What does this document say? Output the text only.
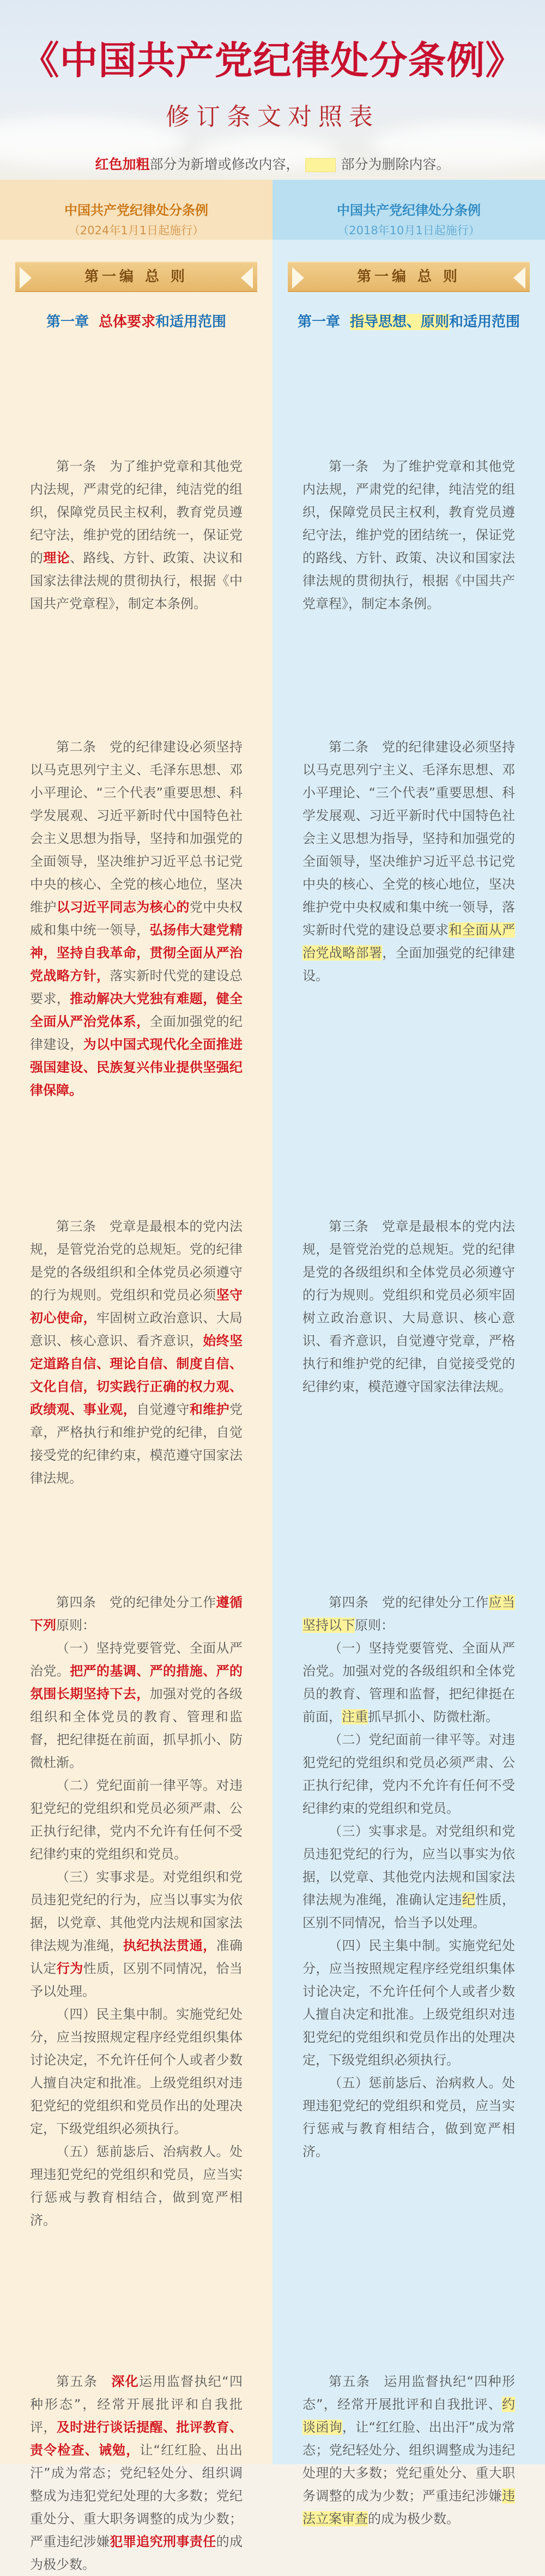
《中国共产党纪律处分条例》
修订条文对照表
红色加粗部分为新增或修改内容，	部分为删除内容。
中国共产党纪律处分条例
（2024年1月1日起施行）
第一编 总 则
第一章 总体要求和适用范围

第一条　为了维护党章和其他党内法规，严肃党的纪律，纯洁党的组织，保障党员民主权利，教育党员遵纪守法，维护党的团结统一，保证党的理论、路线、方针、政策、决议和国家法律法规的贯彻执行，根据《中国共产党章程》，制定本条例。

第二条　党的纪律建设必须坚持以马克思列宁主义、毛泽东思想、邓小平理论、“三个代表”重要思想、科学发展观、习近平新时代中国特色社会主义思想为指导，坚持和加强党的全面领导，坚决维护习近平总书记党中央的核心、全党的核心地位，坚决维护以习近平同志为核心的党中央权威和集中统一领导，弘扬伟大建党精神，坚持自我革命，贯彻全面从严治党战略方针，落实新时代党的建设总要求，推动解决大党独有难题，健全全面从严治党体系，全面加强党的纪律建设，为以中国式现代化全面推进强国建设、民族复兴伟业提供坚强纪律保障。

第三条　党章是最根本的党内法规，是管党治党的总规矩。党的纪律是党的各级组织和全体党员必须遵守的行为规则。党组织和党员必须坚守初心使命，牢固树立政治意识、大局意识、核心意识、看齐意识，始终坚定道路自信、理论自信、制度自信、文化自信，切实践行正确的权力观、政绩观、事业观，自觉遵守和维护党章，严格执行和维护党的纪律，自觉接受党的纪律约束，模范遵守国家法律法规。

第四条　党的纪律处分工作遵循下列原则：

（一）坚持党要管党、全面从严治党。把严的基调、严的措施、严的氛围长期坚持下去，加强对党的各级组织和全体党员的教育、管理和监督，把纪律挺在前面，抓早抓小、防微杜渐。

（二）党纪面前一律平等。对违犯党纪的党组织和党员必须严肃、公正执行纪律，党内不允许有任何不受纪律约束的党组织和党员。

（三）实事求是。对党组织和党员违犯党纪的行为，应当以事实为依据，以党章、其他党内法规和国家法律法规为准绳，执纪执法贯通，准确认定行为性质，区别不同情况，恰当予以处理。

（四）民主集中制。实施党纪处分，应当按照规定程序经党组织集体讨论决定，不允许任何个人或者少数人擅自决定和批准。上级党组织对违犯党纪的党组织和党员作出的处理决定，下级党组织必须执行。

（五）惩前毖后、治病救人。处理违犯党纪的党组织和党员，应当实行惩戒与教育相结合，做到宽严相济。

第五条　深化运用监督执纪“四种形态”，经常开展批评和自我批评，及时进行谈话提醒、批评教育、责令检查、诫勉，让“红红脸、出出汗”成为常态；党纪轻处分、组织调整成为违犯党纪处理的大多数；党纪重处分、重大职务调整的成为少数；严重违纪涉嫌犯罪追究刑事责任的成为极少数。

中国共产党纪律处分条例
（2018年10月1日起施行）
第一编 总 则
第一章 指导思想、原则和适用范围

第一条　为了维护党章和其他党内法规，严肃党的纪律，纯洁党的组织，保障党员民主权利，教育党员遵纪守法，维护党的团结统一，保证党的路线、方针、政策、决议和国家法律法规的贯彻执行，根据《中国共产党章程》，制定本条例。

第二条　党的纪律建设必须坚持以马克思列宁主义、毛泽东思想、邓小平理论、“三个代表”重要思想、科学发展观、习近平新时代中国特色社会主义思想为指导，坚持和加强党的全面领导，坚决维护习近平总书记党中央的核心、全党的核心地位，坚决维护党中央权威和集中统一领导，落实新时代党的建设总要求和全面从严治党战略部署，全面加强党的纪律建设。

第三条　党章是最根本的党内法规，是管党治党的总规矩。党的纪律是党的各级组织和全体党员必须遵守的行为规则。党组织和党员必须牢固树立政治意识、大局意识、核心意识、看齐意识，自觉遵守党章，严格执行和维护党的纪律，自觉接受党的纪律约束，模范遵守国家法律法规。

第四条　党的纪律处分工作应当坚持以下原则：

（一）坚持党要管党、全面从严治党。加强对党的各级组织和全体党员的教育、管理和监督，把纪律挺在前面，注重抓早抓小、防微杜渐。

（二）党纪面前一律平等。对违犯党纪的党组织和党员必须严肃、公正执行纪律，党内不允许有任何不受纪律约束的党组织和党员。

（三）实事求是。对党组织和党员违犯党纪的行为，应当以事实为依据，以党章、其他党内法规和国家法律法规为准绳，准确认定违纪性质，区别不同情况，恰当予以处理。

（四）民主集中制。实施党纪处分，应当按照规定程序经党组织集体讨论决定，不允许任何个人或者少数人擅自决定和批准。上级党组织对违犯党纪的党组织和党员作出的处理决定，下级党组织必须执行。

（五）惩前毖后、治病救人。处理违犯党纪的党组织和党员，应当实行惩戒与教育相结合，做到宽严相济。

第五条　运用监督执纪“四种形态”，经常开展批评和自我批评、约谈函询，让“红红脸、出出汗”成为常态；党纪轻处分、组织调整成为违纪处理的大多数；党纪重处分、重大职务调整的成为少数；严重违纪涉嫌违法立案审查的成为极少数。
